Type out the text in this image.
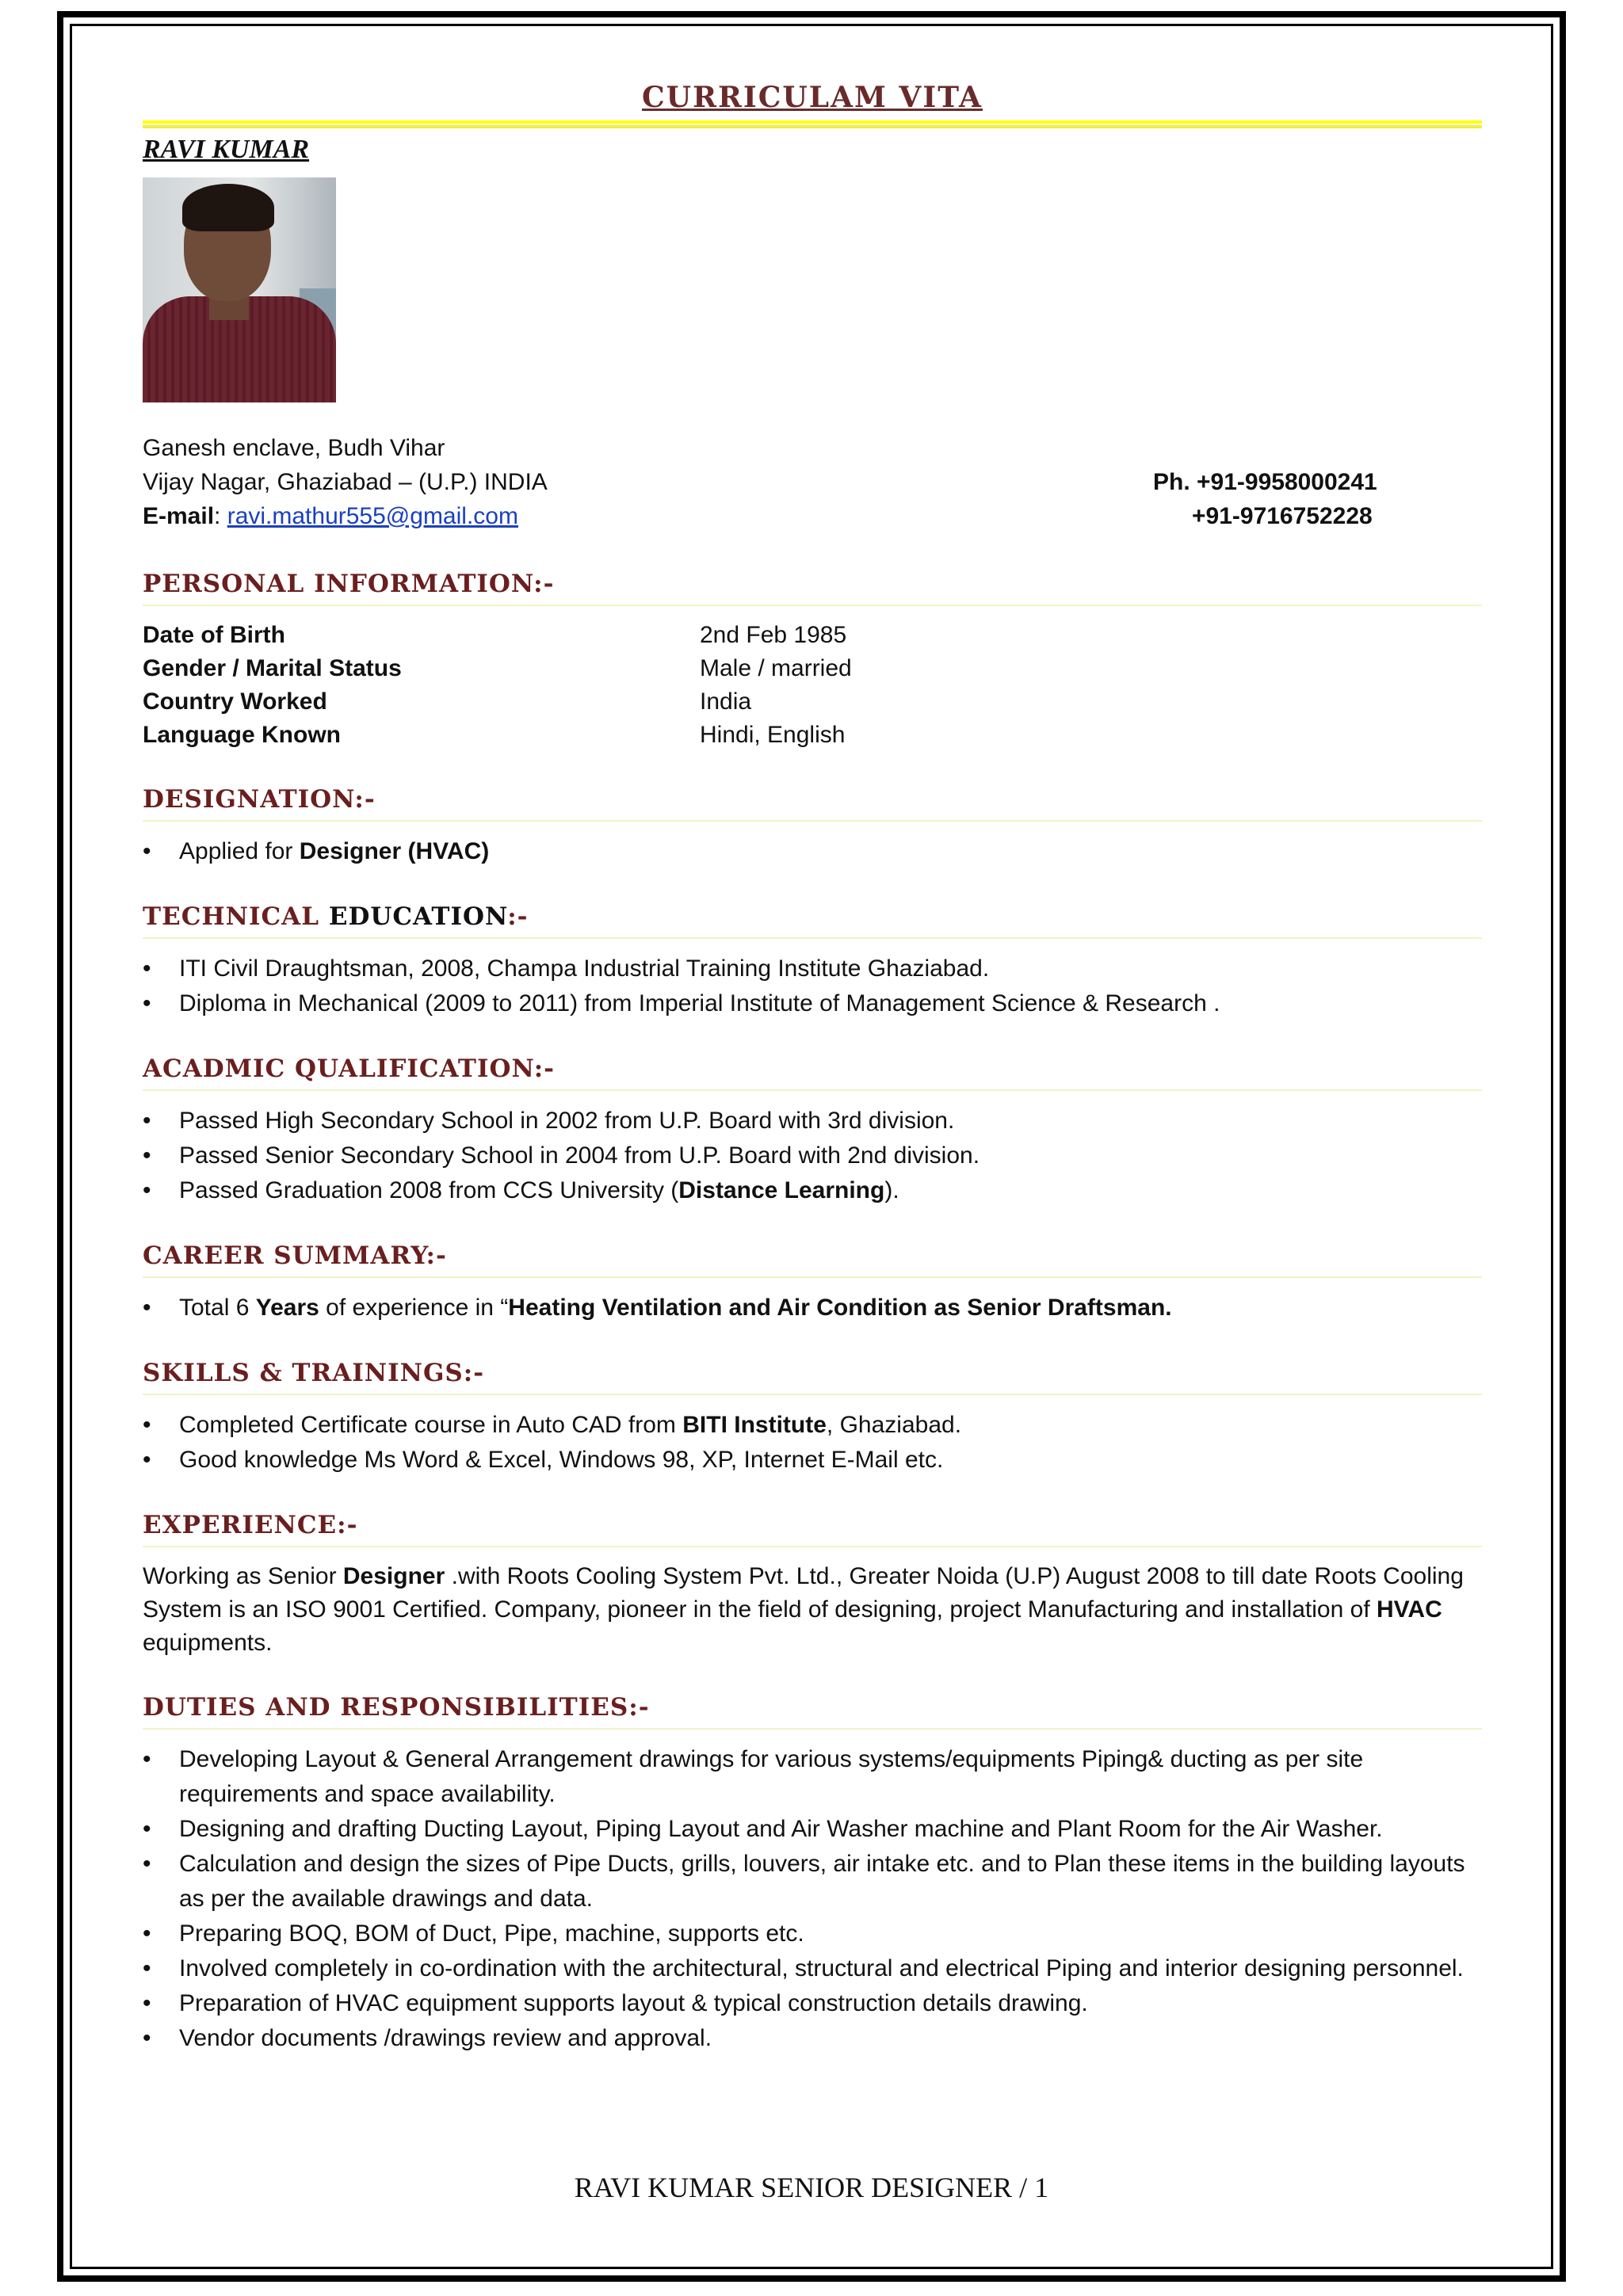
CURRICULAM VITA
RAVI KUMAR
Ganesh enclave, Budh Vihar
Vijay Nagar, Ghaziabad – (U.P.) INDIA	Ph. +91-9958000241
E-mail: ravi.mathur555@gmail.com	+91-9716752228
PERSONAL INFORMATION:-
Date of Birth	2nd Feb 1985
Gender / Marital Status	Male / married
Country Worked	India
Language Known	Hindi, English
DESIGNATION:-
• Applied for Designer (HVAC)
TECHNICAL EDUCATION:-
• ITI Civil Draughtsman, 2008, Champa Industrial Training Institute Ghaziabad.
• Diploma in Mechanical (2009 to 2011) from Imperial Institute of Management Science & Research .
ACADMIC QUALIFICATION:-
• Passed High Secondary School in 2002 from U.P. Board with 3rd division.
• Passed Senior Secondary School in 2004 from U.P. Board with 2nd division.
• Passed Graduation 2008 from CCS University (Distance Learning).
CAREER SUMMARY:-
• Total 6 Years of experience in “Heating Ventilation and Air Condition as Senior Draftsman.
SKILLS & TRAININGS:-
• Completed Certificate course in Auto CAD from BITI Institute, Ghaziabad.
• Good knowledge Ms Word & Excel, Windows 98, XP, Internet E-Mail etc.
EXPERIENCE:-
Working as Senior Designer .with Roots Cooling System Pvt. Ltd., Greater Noida (U.P) August 2008 to till date Roots Cooling System is an ISO 9001 Certified. Company, pioneer in the field of designing, project Manufacturing and installation of HVAC equipments.
DUTIES AND RESPONSIBILITIES:-
• Developing Layout & General Arrangement drawings for various systems/equipments Piping& ducting as per site requirements and space availability.
• Designing and drafting Ducting Layout, Piping Layout and Air Washer machine and Plant Room for the Air Washer.
• Calculation and design the sizes of Pipe Ducts, grills, louvers, air intake etc. and to Plan these items in the building layouts as per the available drawings and data.
• Preparing BOQ, BOM of Duct, Pipe, machine, supports etc.
• Involved completely in co-ordination with the architectural, structural and electrical Piping and interior designing personnel.
• Preparation of HVAC equipment supports layout & typical construction details drawing.
• Vendor documents /drawings review and approval.
RAVI KUMAR SENIOR DESIGNER / 1
